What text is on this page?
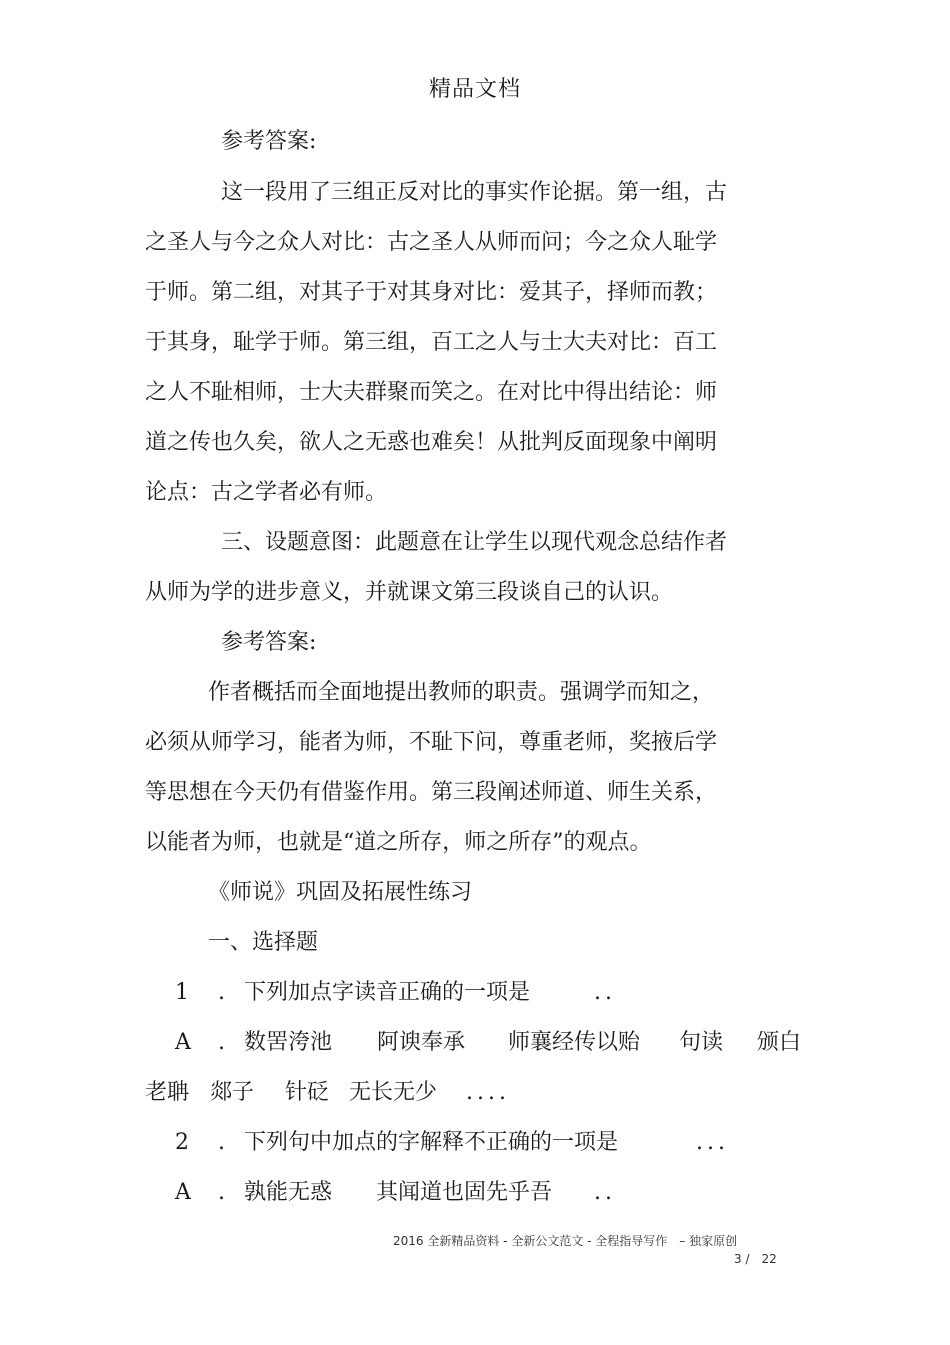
精品文档
参考答案:
这一段用了三组正反对比的事实作论据。第一组，古
之圣人与今之众人对比：古之圣人从师而问；今之众人耻学
于师。第二组，对其子于对其身对比：爱其子，择师而教；
于其身，耻学于师。第三组，百工之人与士大夫对比：百工
之人不耻相师，士大夫群聚而笑之。在对比中得出结论：师
道之传也久矣，欲人之无惑也难矣！从批判反面现象中阐明
论点：古之学者必有师。
三、设题意图：此题意在让学生以现代观念总结作者
从师为学的进步意义，并就课文第三段谈自己的认识。
参考答案:
作者概括而全面地提出教师的职责。强调学而知之，
必须从师学习，能者为师，不耻下问，尊重老师，奖掖后学
等思想在今天仍有借鉴作用。第三段阐述师道、师生关系，
以能者为师，也就是“道之所存，师之所存”的观点。
《师说》巩固及拓展性练习
一、选择题
1 . 下列加点字读音正确的一项是	..
A . 数罟洿池 阿谀奉承 师襄经传以贻 句读 颁白
老聃 郯子 针砭 无长无少 ....
2 . 下列句中加点的字解释不正确的一项是	...
A . 孰能无惑 其闻道也固先乎吾 ..
2016 全新精品资料 - 全新公文范文 - 全程指导写作　– 独家原创
3 /　22
